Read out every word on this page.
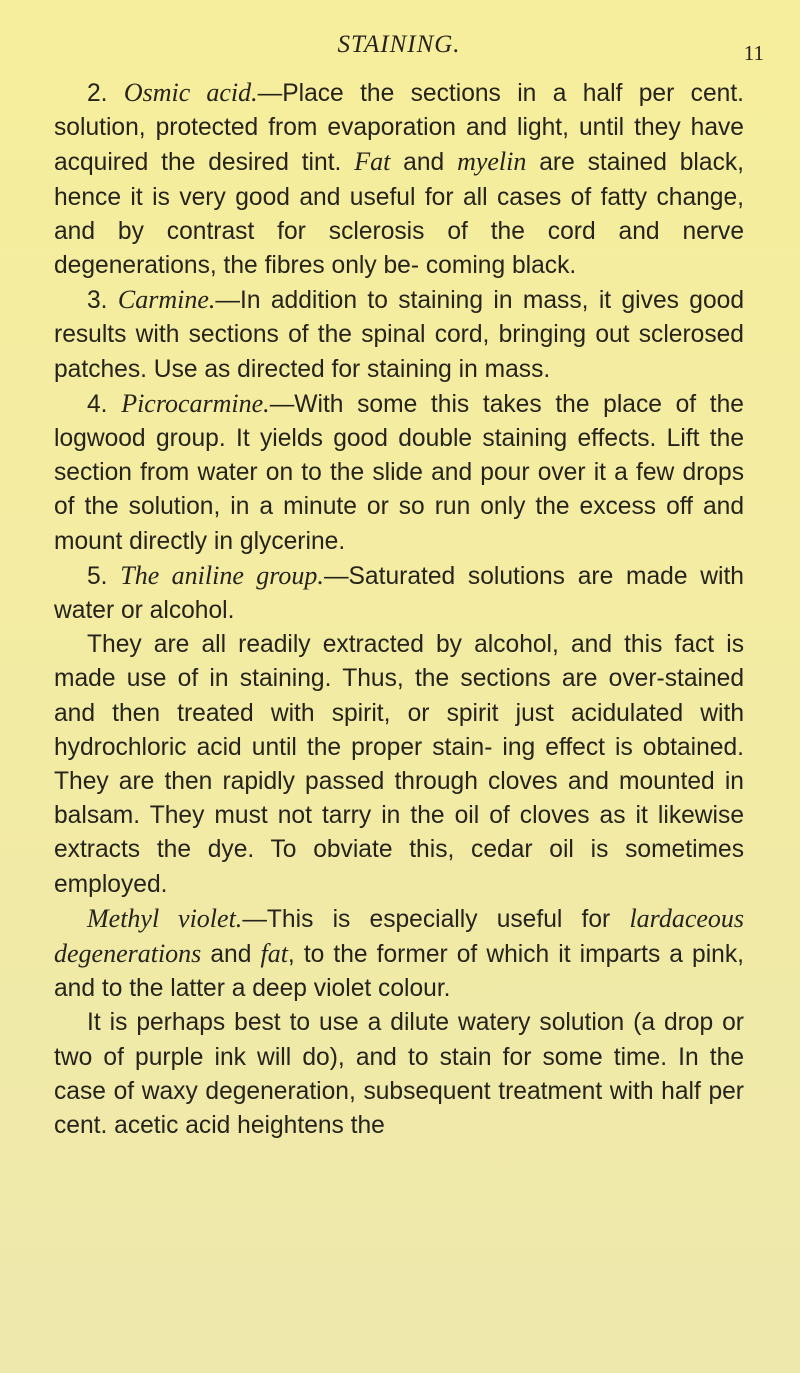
STAINING.	11

2. Osmic acid.—Place the sections in a half per cent. solution, protected from evaporation and light, until they have acquired the desired tint. Fat and myelin are stained black, hence it is very good and useful for all cases of fatty change, and by contrast for sclerosis of the cord and nerve degenerations, the fibres only be- coming black.

3. Carmine.—In addition to staining in mass, it gives good results with sections of the spinal cord, bringing out sclerosed patches. Use as directed for staining in mass.

4. Picrocarmine.—With some this takes the place of the logwood group. It yields good double staining effects. Lift the section from water on to the slide and pour over it a few drops of the solution, in a minute or so run only the excess off and mount directly in glycerine.

5. The aniline group.—Saturated solutions are made with water or alcohol.

They are all readily extracted by alcohol, and this fact is made use of in staining. Thus, the sections are over-stained and then treated with spirit, or spirit just acidulated with hydrochloric acid until the proper stain- ing effect is obtained. They are then rapidly passed through cloves and mounted in balsam. They must not tarry in the oil of cloves as it likewise extracts the dye. To obviate this, cedar oil is sometimes employed.

Methyl violet.—This is especially useful for lardaceous degenerations and fat, to the former of which it imparts a pink, and to the latter a deep violet colour.

It is perhaps best to use a dilute watery solution (a drop or two of purple ink will do), and to stain for some time. In the case of waxy degeneration, subsequent treatment with half per cent. acetic acid heightens the
